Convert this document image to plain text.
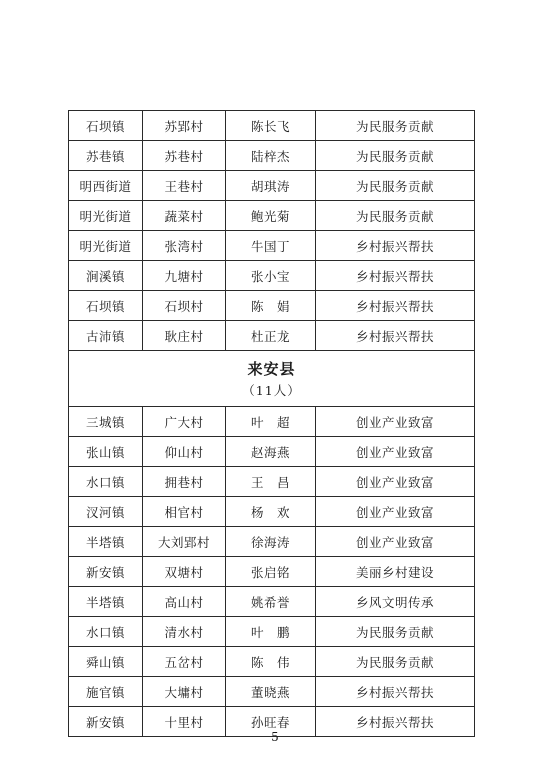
石坝镇	苏郢村	陈长飞	为民服务贡献
苏巷镇	苏巷村	陆梓杰	为民服务贡献
明西街道	王巷村	胡琪涛	为民服务贡献
明光街道	蔬菜村	鲍光菊	为民服务贡献
明光街道	张湾村	牛国丁	乡村振兴帮扶
涧溪镇	九塘村	张小宝	乡村振兴帮扶
石坝镇	石坝村	陈　娟	乡村振兴帮扶
古沛镇	耿庄村	杜正龙	乡村振兴帮扶

来安县
（11人）			

三城镇	广大村	叶　超	创业产业致富
张山镇	仰山村	赵海燕	创业产业致富
水口镇	拥巷村	王　昌	创业产业致富
汊河镇	相官村	杨　欢	创业产业致富
半塔镇	大刘郢村	徐海涛	创业产业致富
新安镇	双塘村	张启铭	美丽乡村建设
半塔镇	高山村	姚希誉	乡风文明传承
水口镇	清水村	叶　鹏	为民服务贡献
舜山镇	五岔村	陈　伟	为民服务贡献
施官镇	大墉村	董晓燕	乡村振兴帮扶
新安镇	十里村	孙旺春	乡村振兴帮扶
5
